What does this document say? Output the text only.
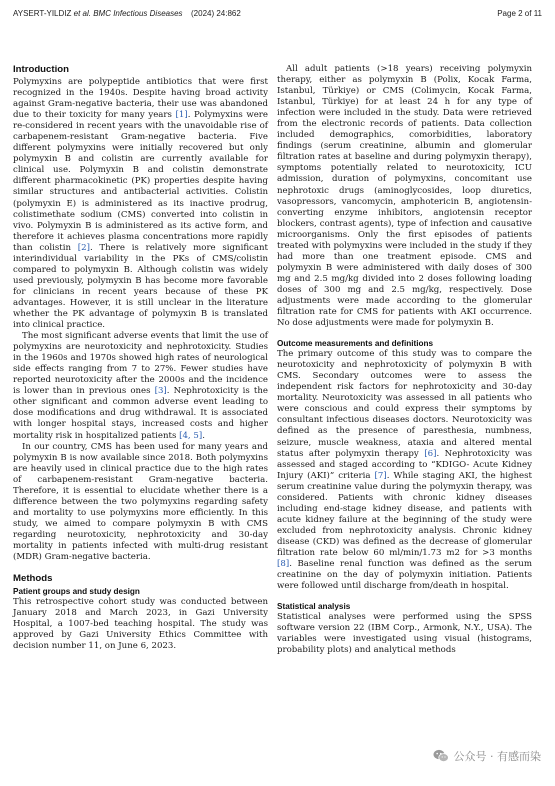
AYSERT-YILDIZ et al. BMC Infectious Diseases (2024) 24:862	Page 2 of 11
Introduction

Polymyxins are polypeptide antibiotics that were first recognized in the 1940s. Despite having broad activity against Gram-negative bacteria, their use was abandoned due to their toxicity for many years [1]. Polymyxins were re-considered in recent years with the unavoidable rise of carbapenem-resistant Gram-negative bacteria. Five different polymyxins were initially recovered but only polymyxin B and colistin are currently available for clinical use. Polymyxin B and colistin demonstrate different pharmacokinetic (PK) properties despite having similar structures and antibacterial activities. Colistin (polymyxin E) is administered as its inactive prodrug, colistimethate sodium (CMS) converted into colistin in vivo. Polymyxin B is administered as its active form, and therefore it achieves plasma concentrations more rapidly than colistin [2]. There is relatively more significant interindividual variability in the PKs of CMS/colistin compared to polymyxin B. Although colistin was widely used previously, polymyxin B has become more favorable for clinicians in recent years because of these PK advantages. However, it is still unclear in the literature whether the PK advantage of polymyxin B is translated into clinical practice.

The most significant adverse events that limit the use of polymyxins are neurotoxicity and nephrotoxicity. Studies in the 1960s and 1970s showed high rates of neurological side effects ranging from 7 to 27%. Fewer studies have reported neurotoxicity after the 2000s and the incidence is lower than in previous ones [3]. Nephrotoxicity is the other significant and common adverse event leading to dose modifications and drug withdrawal. It is associated with longer hospital stays, increased costs and higher mortality risk in hospitalized patients [4, 5].

In our country, CMS has been used for many years and polymyxin B is now available since 2018. Both polymyxins are heavily used in clinical practice due to the high rates of carbapenem-resistant Gram-negative bacteria. Therefore, it is essential to elucidate whether there is a difference between the two polymyxins regarding safety and mortality to use polymyxins more efficiently. In this study, we aimed to compare polymyxin B with CMS regarding neurotoxicity, nephrotoxicity and 30-day mortality in patients infected with multi-drug resistant (MDR) Gram-negative bacteria.

Methods
Patient groups and study design

This retrospective cohort study was conducted between January 2018 and March 2023, in Gazi University Hospital, a 1007-bed teaching hospital. The study was approved by Gazi University Ethics Committee with decision number 11, on June 6, 2023.

All adult patients (>18 years) receiving polymyxin therapy, either as polymyxin B (Polix, Kocak Farma, Istanbul, Türkiye) or CMS (Colimycin, Kocak Farma, Istanbul, Türkiye) for at least 24 h for any type of infection were included in the study. Data were retrieved from the electronic records of patients. Data collection included demographics, comorbidities, laboratory findings (serum creatinine, albumin and glomerular filtration rates at baseline and during polymyxin therapy), symptoms potentially related to neurotoxicity, ICU admission, duration of polymyxins, concomitant use nephrotoxic drugs (aminoglycosides, loop diuretics, vasopressors, vancomycin, amphotericin B, angiotensin-converting enzyme inhibitors, angiotensin receptor blockers, contrast agents), type of infection and causative microorganisms. Only the first episodes of patients treated with polymyxins were included in the study if they had more than one treatment episode. CMS and polymyxin B were administered with daily doses of 300 mg and 2.5 mg/kg divided into 2 doses following loading doses of 300 mg and 2.5 mg/kg, respectively. Dose adjustments were made according to the glomerular filtration rate for CMS for patients with AKI occurrence. No dose adjustments were made for polymyxin B.

Outcome measurements and definitions

The primary outcome of this study was to compare the neurotoxicity and nephrotoxicity of polymyxin B with CMS. Secondary outcomes were to assess the independent risk factors for nephrotoxicity and 30-day mortality. Neurotoxicity was assessed in all patients who were conscious and could express their symptoms by consultant infectious diseases doctors. Neurotoxicity was defined as the presence of paresthesia, numbness, seizure, muscle weakness, ataxia and altered mental status after polymyxin therapy [6]. Nephrotoxicity was assessed and staged according to “KDIGO- Acute Kidney Injury (AKI)” criteria [7]. While staging AKI, the highest serum creatinine value during the polymyxin therapy, was considered. Patients with chronic kidney diseases including end-stage kidney disease, and patients with acute kidney failure at the beginning of the study were excluded from nephrotoxicity analysis. Chronic kidney disease (CKD) was defined as the decrease of glomerular filtration rate below 60 ml/min/1.73 m2 for >3 months [8]. Baseline renal function was defined as the serum creatinine on the day of polymyxin initiation. Patients were followed until discharge from/death in hospital.

Statistical analysis

Statistical analyses were performed using the SPSS software version 22 (IBM Corp., Armonk, N.Y., USA). The variables were investigated using visual (histograms, probability plots) and analytical methods

公众号 · 有感而染
